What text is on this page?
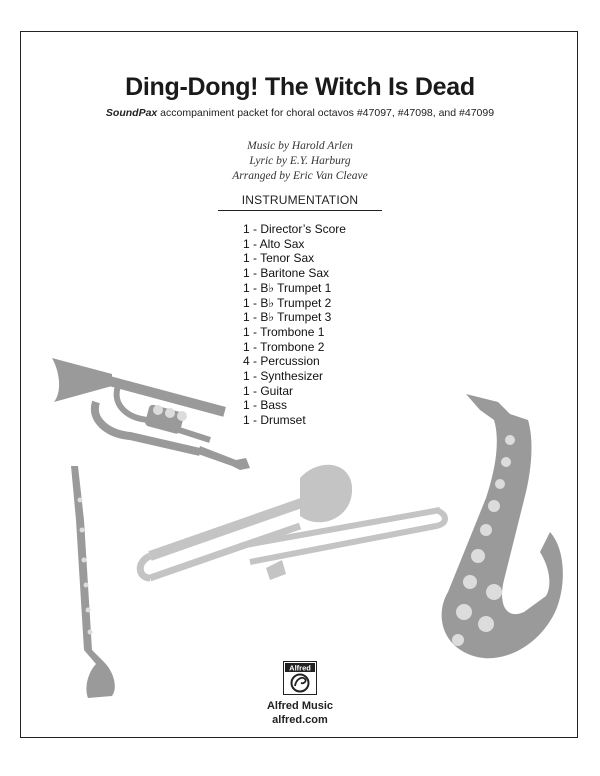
Ding-Dong! The Witch Is Dead
SoundPax accompaniment packet for choral octavos #47097, #47098, and #47099
Music by Harold Arlen
Lyric by E.Y. Harburg
Arranged by Eric Van Cleave
INSTRUMENTATION
1 - Director’s Score
1 - Alto Sax
1 - Tenor Sax
1 - Baritone Sax
1 - B♭ Trumpet 1
1 - B♭ Trumpet 2
1 - B♭ Trumpet 3
1 - Trombone 1
1 - Trombone 2
4 - Percussion
1 - Synthesizer
1 - Guitar
1 - Bass
1 - Drumset
Alfred
Alfred Music
alfred.com
